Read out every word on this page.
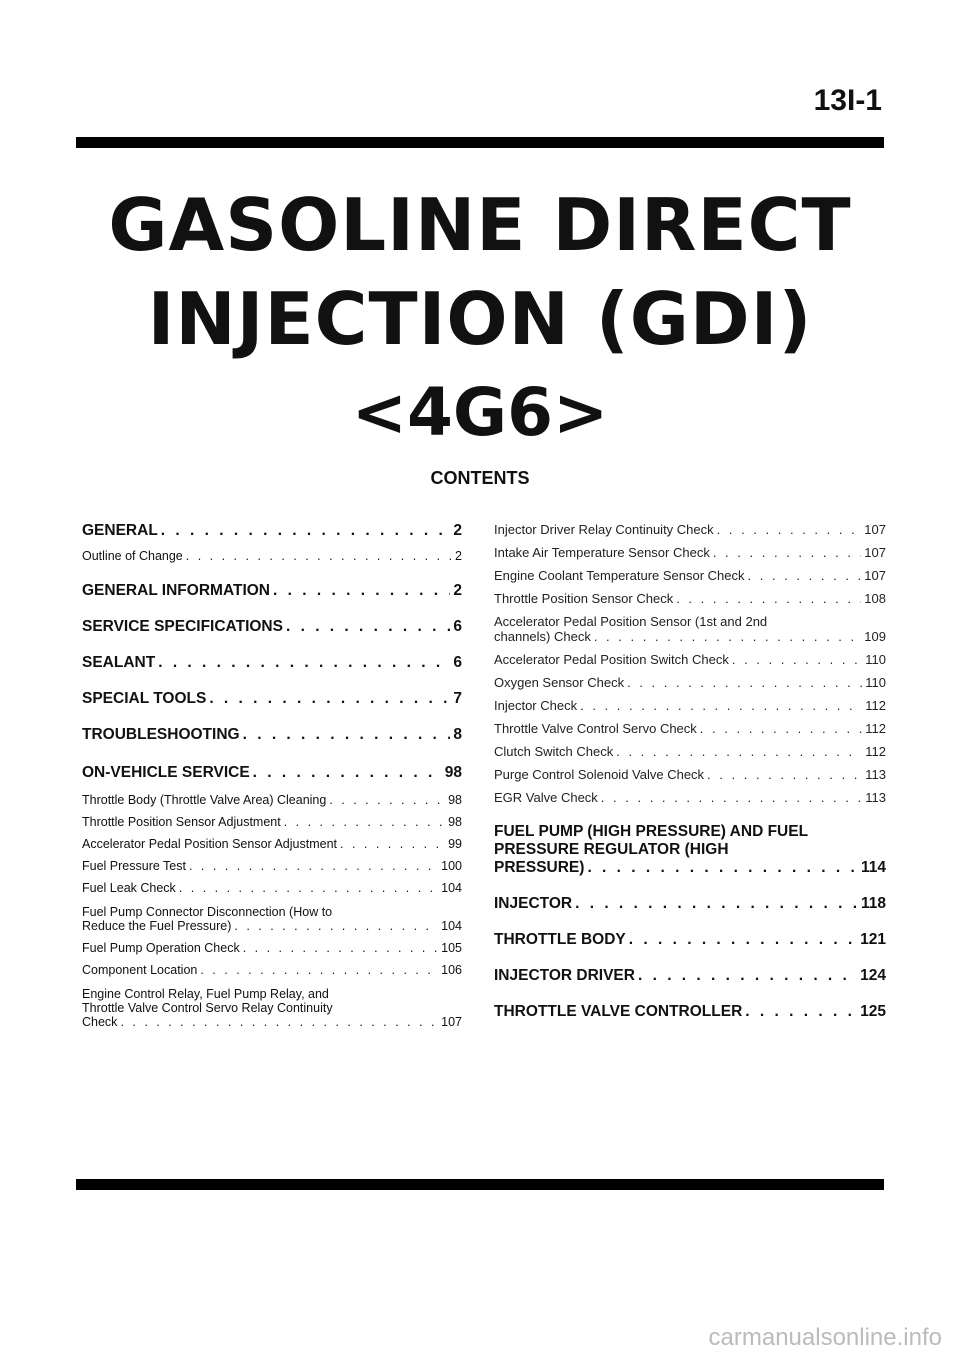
13I-1
GASOLINE DIRECT
INJECTION (GDI)
<4G6>
CONTENTS
GENERAL . . .	2
Outline of Change . . .	2
GENERAL INFORMATION . . .	2
SERVICE SPECIFICATIONS . . .	6
SEALANT . . .	6
SPECIAL TOOLS . . .	7
TROUBLESHOOTING . . .	8
ON-VEHICLE SERVICE . . .	98
Throttle Body (Throttle Valve Area) Cleaning . . .	98
Throttle Position Sensor Adjustment . . .	98
Accelerator Pedal Position Sensor Adjustment . . .	99
Fuel Pressure Test . . .	100
Fuel Leak Check . . .	104
Fuel Pump Connector Disconnection (How to
Reduce the Fuel Pressure) . . .	104
Fuel Pump Operation Check . . .	105
Component Location . . .	106
Engine Control Relay, Fuel Pump Relay, and
Throttle Valve Control Servo Relay Continuity
Check . . .	107
Injector Driver Relay Continuity Check . . .	107
Intake Air Temperature Sensor Check . . .	107
Engine Coolant Temperature Sensor Check . . .	107
Throttle Position Sensor Check . . .	108
Accelerator Pedal Position Sensor (1st and 2nd
channels) Check . . .	109
Accelerator Pedal Position Switch Check . . .	110
Oxygen Sensor Check . . .	110
Injector Check . . .	112
Throttle Valve Control Servo Check . . .	112
Clutch Switch Check . . .	112
Purge Control Solenoid Valve Check . . .	113
EGR Valve Check . . .	113
FUEL PUMP (HIGH PRESSURE) AND FUEL
PRESSURE REGULATOR (HIGH
PRESSURE) . . .	114
INJECTOR . . .	118
THROTTLE BODY . . .	121
INJECTOR DRIVER . . .	124
THROTTLE VALVE CONTROLLER . . .	125
carmanualsonline.info
